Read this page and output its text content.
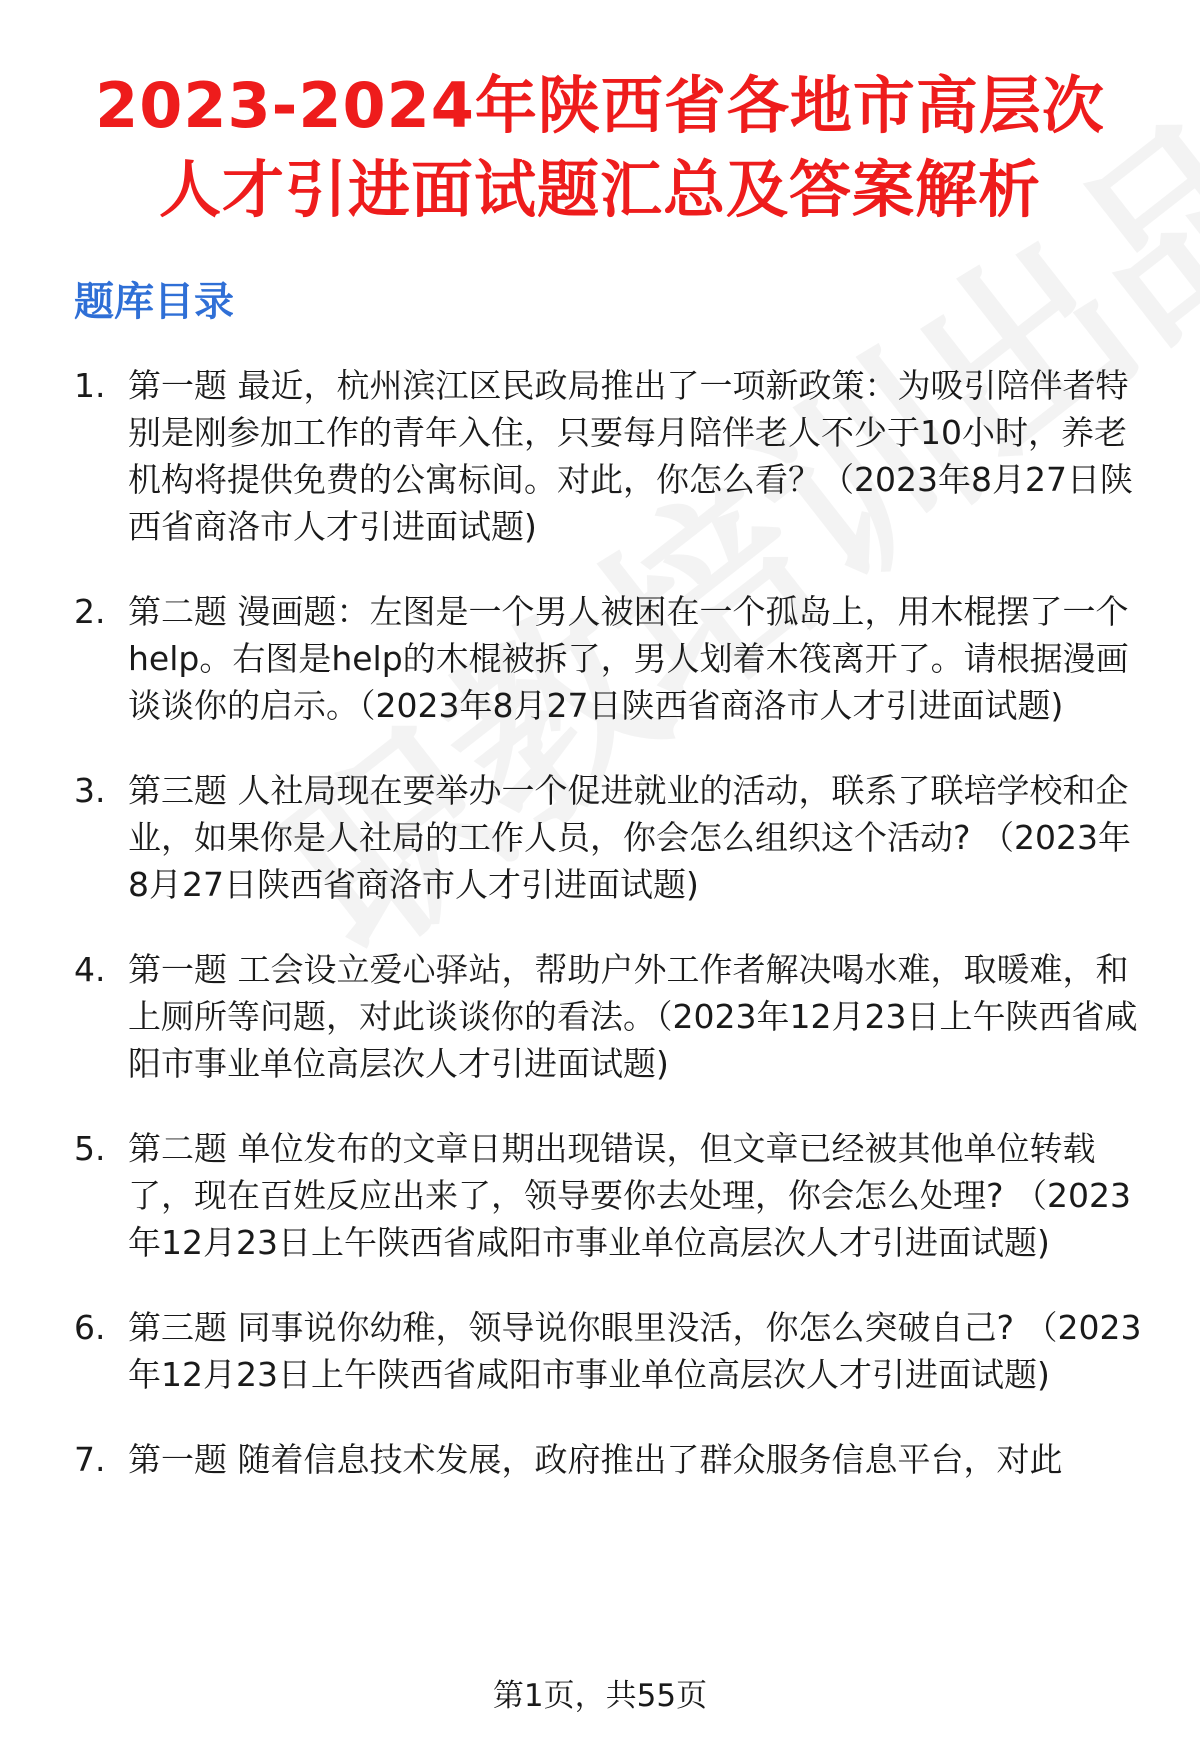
2023-2024年陕西省各地市高层次
人才引进面试题汇总及答案解析
题库目录
1. 第一题 最近，杭州滨江区民政局推出了一项新政策：为吸引陪伴者特别是刚参加工作的青年入住，只要每月陪伴老人不少于10小时，养老机构将提供免费的公寓标间。对此，你怎么看？（2023年8月27日陕西省商洛市人才引进面试题)
2. 第二题 漫画题：左图是一个男人被困在一个孤岛上，用木棍摆了一个help。右图是help的木棍被拆了，男人划着木筏离开了。请根据漫画谈谈你的启示。（2023年8月27日陕西省商洛市人才引进面试题)
3. 第三题 人社局现在要举办一个促进就业的活动，联系了联培学校和企业，如果你是人社局的工作人员，你会怎么组织这个活动? （2023年8月27日陕西省商洛市人才引进面试题)
4. 第一题 工会设立爱心驿站，帮助户外工作者解决喝水难，取暖难，和上厕所等问题，对此谈谈你的看法。（2023年12月23日上午陕西省咸阳市事业单位高层次人才引进面试题)
5. 第二题 单位发布的文章日期出现错误，但文章已经被其他单位转载了，现在百姓反应出来了，领导要你去处理，你会怎么处理? （2023年12月23日上午陕西省咸阳市事业单位高层次人才引进面试题)
6. 第三题 同事说你幼稚，领导说你眼里没活，你怎么突破自己? （2023年12月23日上午陕西省咸阳市事业单位高层次人才引进面试题)
7. 第一题 随着信息技术发展，政府推出了群众服务信息平台，对此
第1页，共55页
